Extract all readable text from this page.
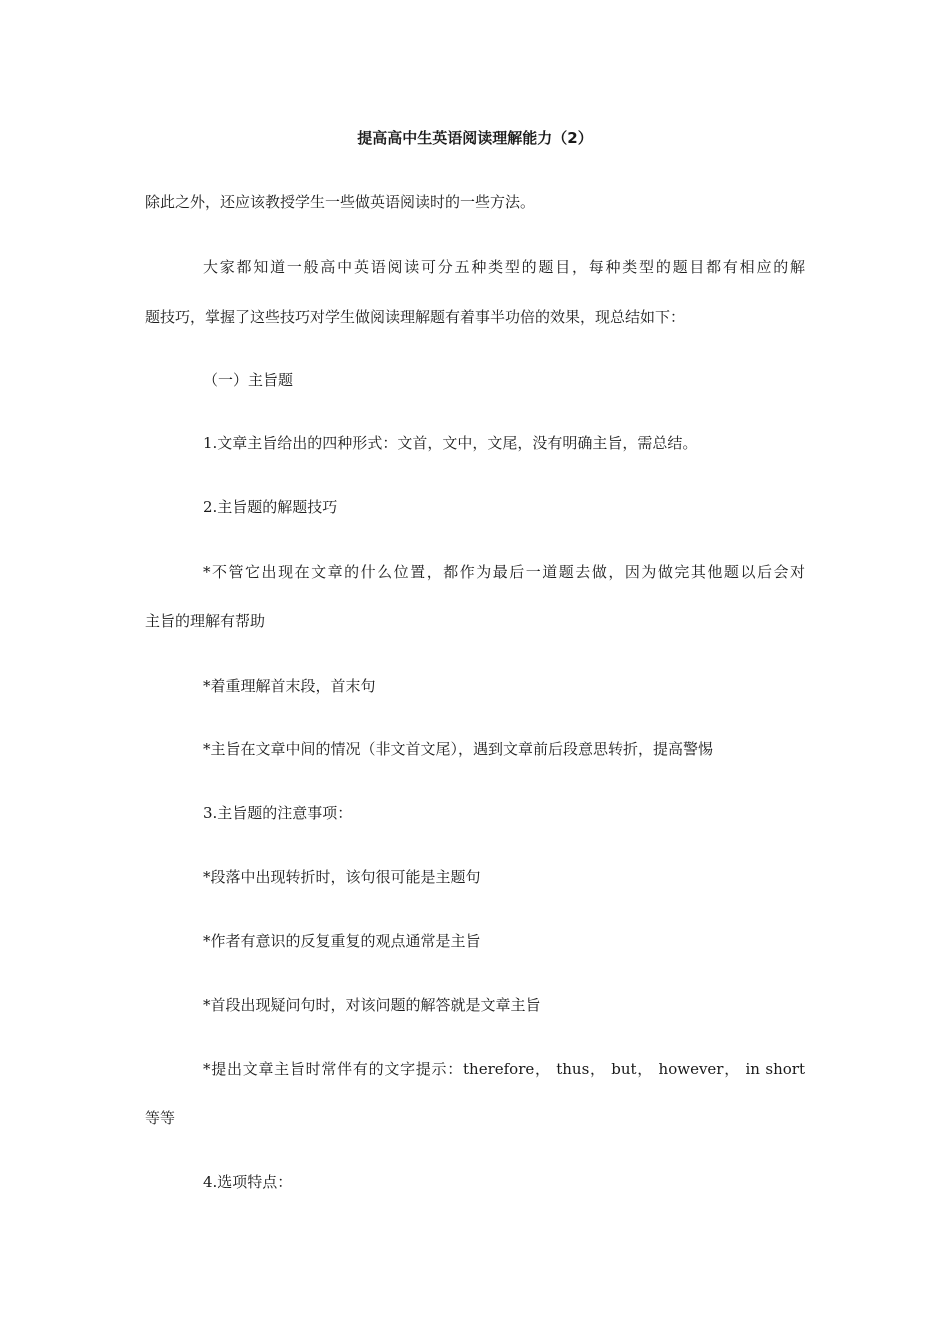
提高高中生英语阅读理解能力（2）
除此之外，还应该教授学生一些做英语阅读时的一些方法。
大家都知道一般高中英语阅读可分五种类型的题目，每种类型的题目都有相应的解
题技巧，掌握了这些技巧对学生做阅读理解题有着事半功倍的效果，现总结如下：
（一）主旨题
1.文章主旨给出的四种形式：文首，文中，文尾，没有明确主旨，需总结。
2.主旨题的解题技巧
*不管它出现在文章的什么位置，都作为最后一道题去做，因为做完其他题以后会对
主旨的理解有帮助
*着重理解首末段，首末句
*主旨在文章中间的情况（非文首文尾），遇到文章前后段意思转折，提高警惕
3.主旨题的注意事项：
*段落中出现转折时，该句很可能是主题句
*作者有意识的反复重复的观点通常是主旨
*首段出现疑问句时，对该问题的解答就是文章主旨
*提出文章主旨时常伴有的文字提示：therefore， thus， but， however， in short
等等
4.选项特点：
